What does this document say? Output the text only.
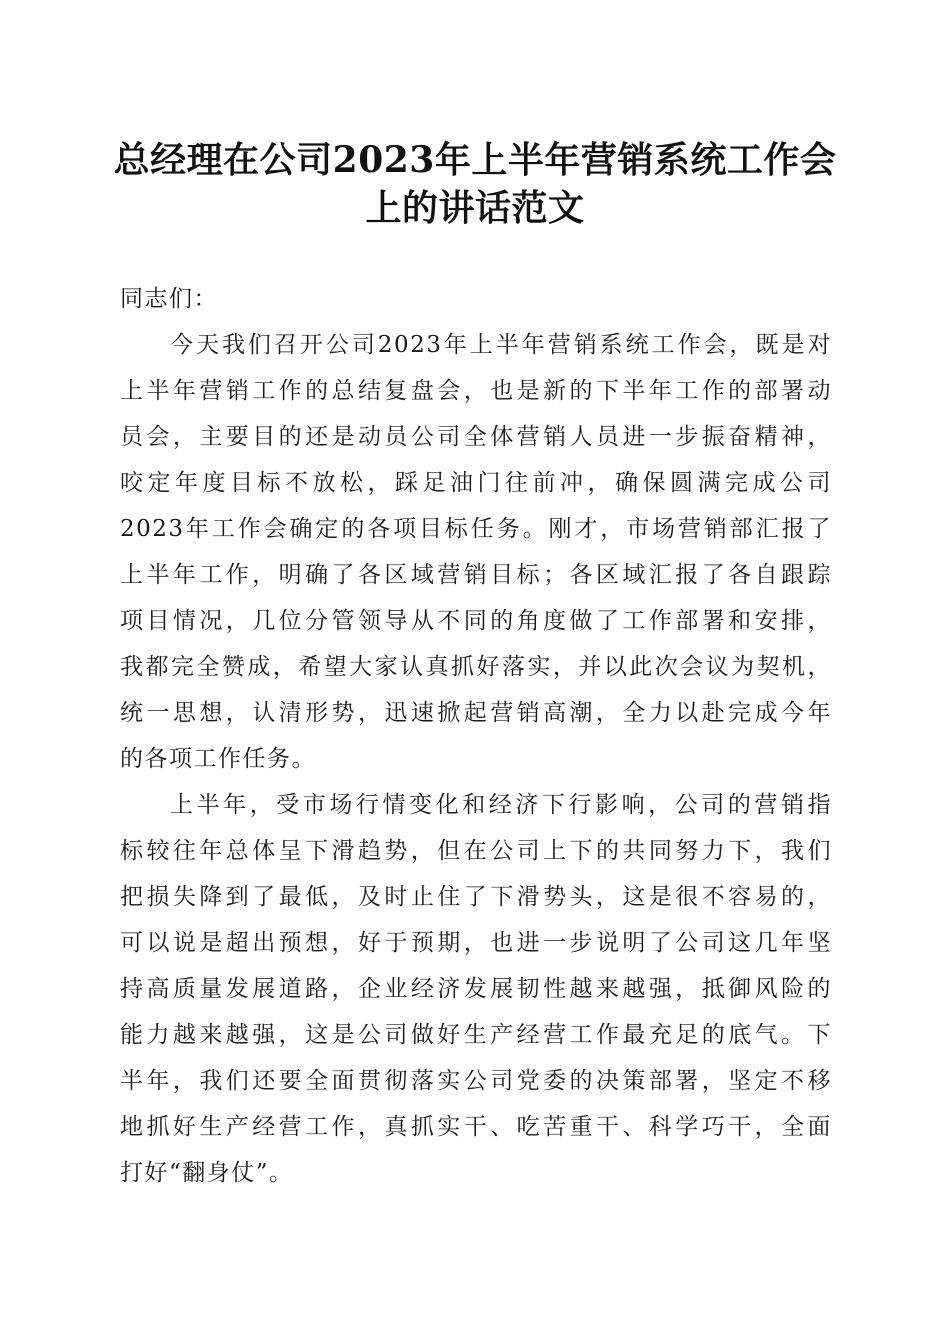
总经理在公司2023年上半年营销系统工作会
上的讲话范文
同志们：
今天我们召开公司2023年上半年营销系统工作会，既是对
上半年营销工作的总结复盘会，也是新的下半年工作的部署动
员会，主要目的还是动员公司全体营销人员进一步振奋精神，
咬定年度目标不放松，踩足油门往前冲，确保圆满完成公司
2023年工作会确定的各项目标任务。刚才，市场营销部汇报了
上半年工作，明确了各区域营销目标；各区域汇报了各自跟踪
项目情况，几位分管领导从不同的角度做了工作部署和安排，
我都完全赞成，希望大家认真抓好落实，并以此次会议为契机，
统一思想，认清形势，迅速掀起营销高潮，全力以赴完成今年
的各项工作任务。
上半年，受市场行情变化和经济下行影响，公司的营销指
标较往年总体呈下滑趋势，但在公司上下的共同努力下，我们
把损失降到了最低，及时止住了下滑势头，这是很不容易的，
可以说是超出预想，好于预期，也进一步说明了公司这几年坚
持高质量发展道路，企业经济发展韧性越来越强，抵御风险的
能力越来越强，这是公司做好生产经营工作最充足的底气。下
半年，我们还要全面贯彻落实公司党委的决策部署，坚定不移
地抓好生产经营工作，真抓实干、吃苦重干、科学巧干，全面
打好“翻身仗”。
